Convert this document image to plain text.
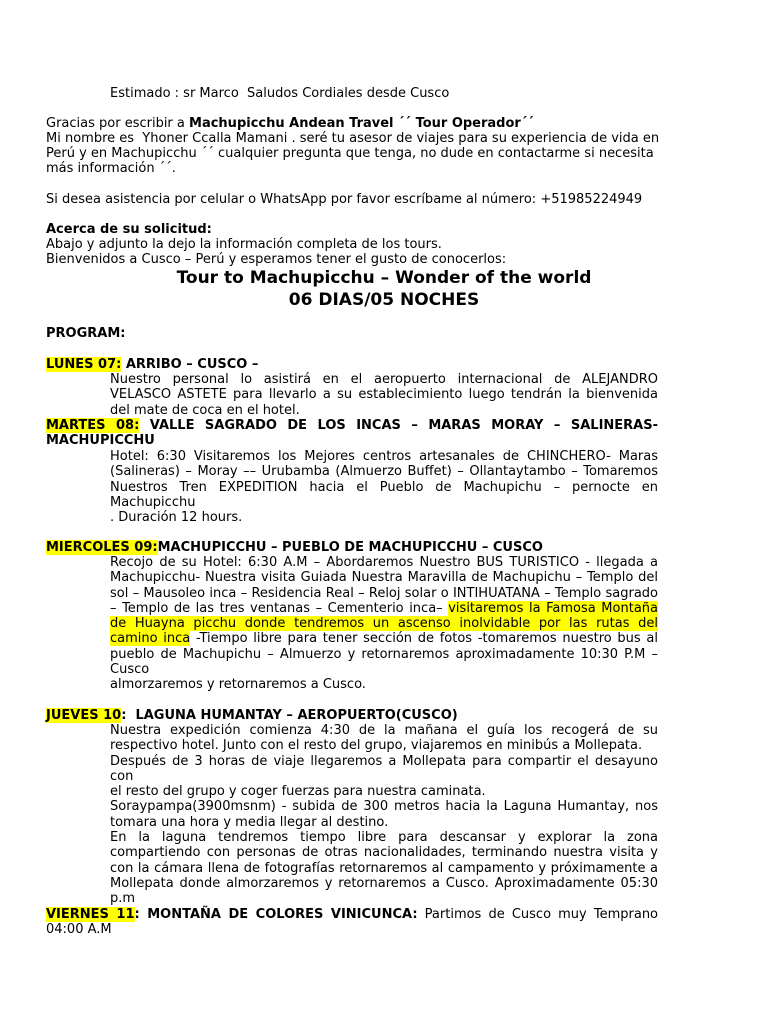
Estimado : sr Marco  Saludos Cordiales desde Cusco
Gracias por escribir a Machupicchu Andean Travel ´´ Tour Operador´´
Mi nombre es  Yhoner Ccalla Mamani . seré tu asesor de viajes para su experiencia de vida en
Perú y en Machupicchu ´´ cualquier pregunta que tenga, no dude en contactarme si necesita
más información ´´.
Si desea asistencia por celular o WhatsApp por favor escríbame al número: +51985224949
Acerca de su solicitud:
Abajo y adjunto la dejo la información completa de los tours.
Bienvenidos a Cusco – Perú y esperamos tener el gusto de conocerlos:
Tour to Machupicchu – Wonder of the world
06 DIAS/05 NOCHES
PROGRAM:
LUNES 07: ARRIBO – CUSCO –
Nuestro personal lo asistirá en el aeropuerto internacional de ALEJANDRO
VELASCO ASTETE para llevarlo a su establecimiento luego tendrán la bienvenida
del mate de coca en el hotel.
MARTES 08: VALLE SAGRADO DE LOS INCAS – MARAS MORAY – SALINERAS-
MACHUPICCHU
Hotel: 6:30 Visitaremos los Mejores centros artesanales de CHINCHERO- Maras
(Salineras) – Moray –– Urubamba (Almuerzo Buffet) – Ollantaytambo – Tomaremos
Nuestros Tren EXPEDITION hacia el Pueblo de Machupichu – pernocte en
Machupicchu
. Duración 12 hours.
MIERCOLES 09:MACHUPICCHU – PUEBLO DE MACHUPICCHU – CUSCO
Recojo de su Hotel: 6:30 A.M – Abordaremos Nuestro BUS TURISTICO - llegada a
Machupicchu- Nuestra visita Guiada Nuestra Maravilla de Machupichu – Templo del
sol – Mausoleo inca – Residencia Real – Reloj solar o INTIHUATANA – Templo sagrado
– Templo de las tres ventanas – Cementerio inca– visitaremos la Famosa Montaña
de Huayna picchu donde tendremos un ascenso inolvidable por las rutas del
camino inca -Tiempo libre para tener sección de fotos -tomaremos nuestro bus al
pueblo de Machupichu – Almuerzo y retornaremos aproximadamente 10:30 P.M –
Cusco
almorzaremos y retornaremos a Cusco.
JUEVES 10:  LAGUNA HUMANTAY – AEROPUERTO(CUSCO)
Nuestra expedición comienza 4:30 de la mañana el guía los recogerá de su
respectivo hotel. Junto con el resto del grupo, viajaremos en minibús a Mollepata.
Después de 3 horas de viaje llegaremos a Mollepata para compartir el desayuno con
el resto del grupo y coger fuerzas para nuestra caminata.
Soraypampa(3900msnm) - subida de 300 metros hacia la Laguna Humantay, nos
tomara una hora y media llegar al destino.
En la laguna tendremos tiempo libre para descansar y explorar la zona
compartiendo con personas de otras nacionalidades, terminando nuestra visita y
con la cámara llena de fotografías retornaremos al campamento y próximamente a
Mollepata donde almorzaremos y retornaremos a Cusco. Aproximadamente 05:30
p.m
VIERNES 11: MONTAÑA DE COLORES VINICUNCA: Partimos de Cusco muy Temprano
04:00 A.M
